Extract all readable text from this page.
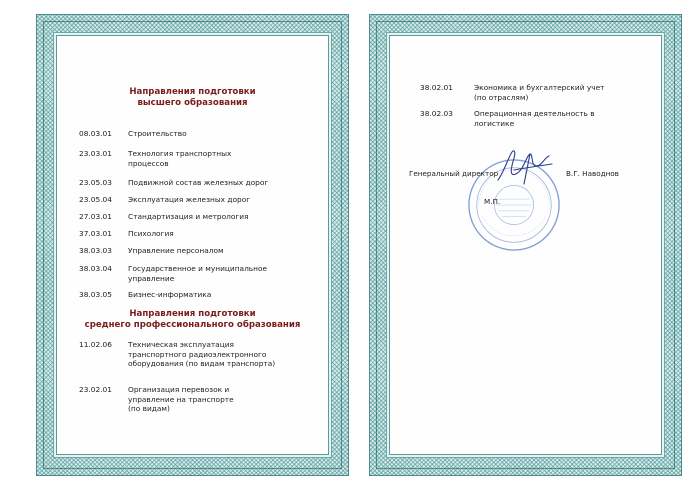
Направления подготовки
высшего образования
08.03.01 Строительство
23.03.01 Технология транспортных процессов
23.05.03 Подвижной состав железных дорог
23.05.04 Эксплуатация железных дорог
27.03.01 Стандартизация и метрология
37.03.01 Психология
38.03.03 Управление персоналом
38.03.04 Государственное и муниципальное управление
38.03.05 Бизнес-информатика
Направления подготовки
среднего профессионального образования
11.02.06 Техническая эксплуатация транспортного радиоэлектронного оборудования (по видам транспорта)
23.02.01 Организация перевозок и управление на транспорте (по видам)
38.02.01	Экономика и бухгалтерский учет (по отраслям)
38.02.03	Операционная деятельность в логистике
Генеральный директор	В.Г. Наводнов
М.П.
